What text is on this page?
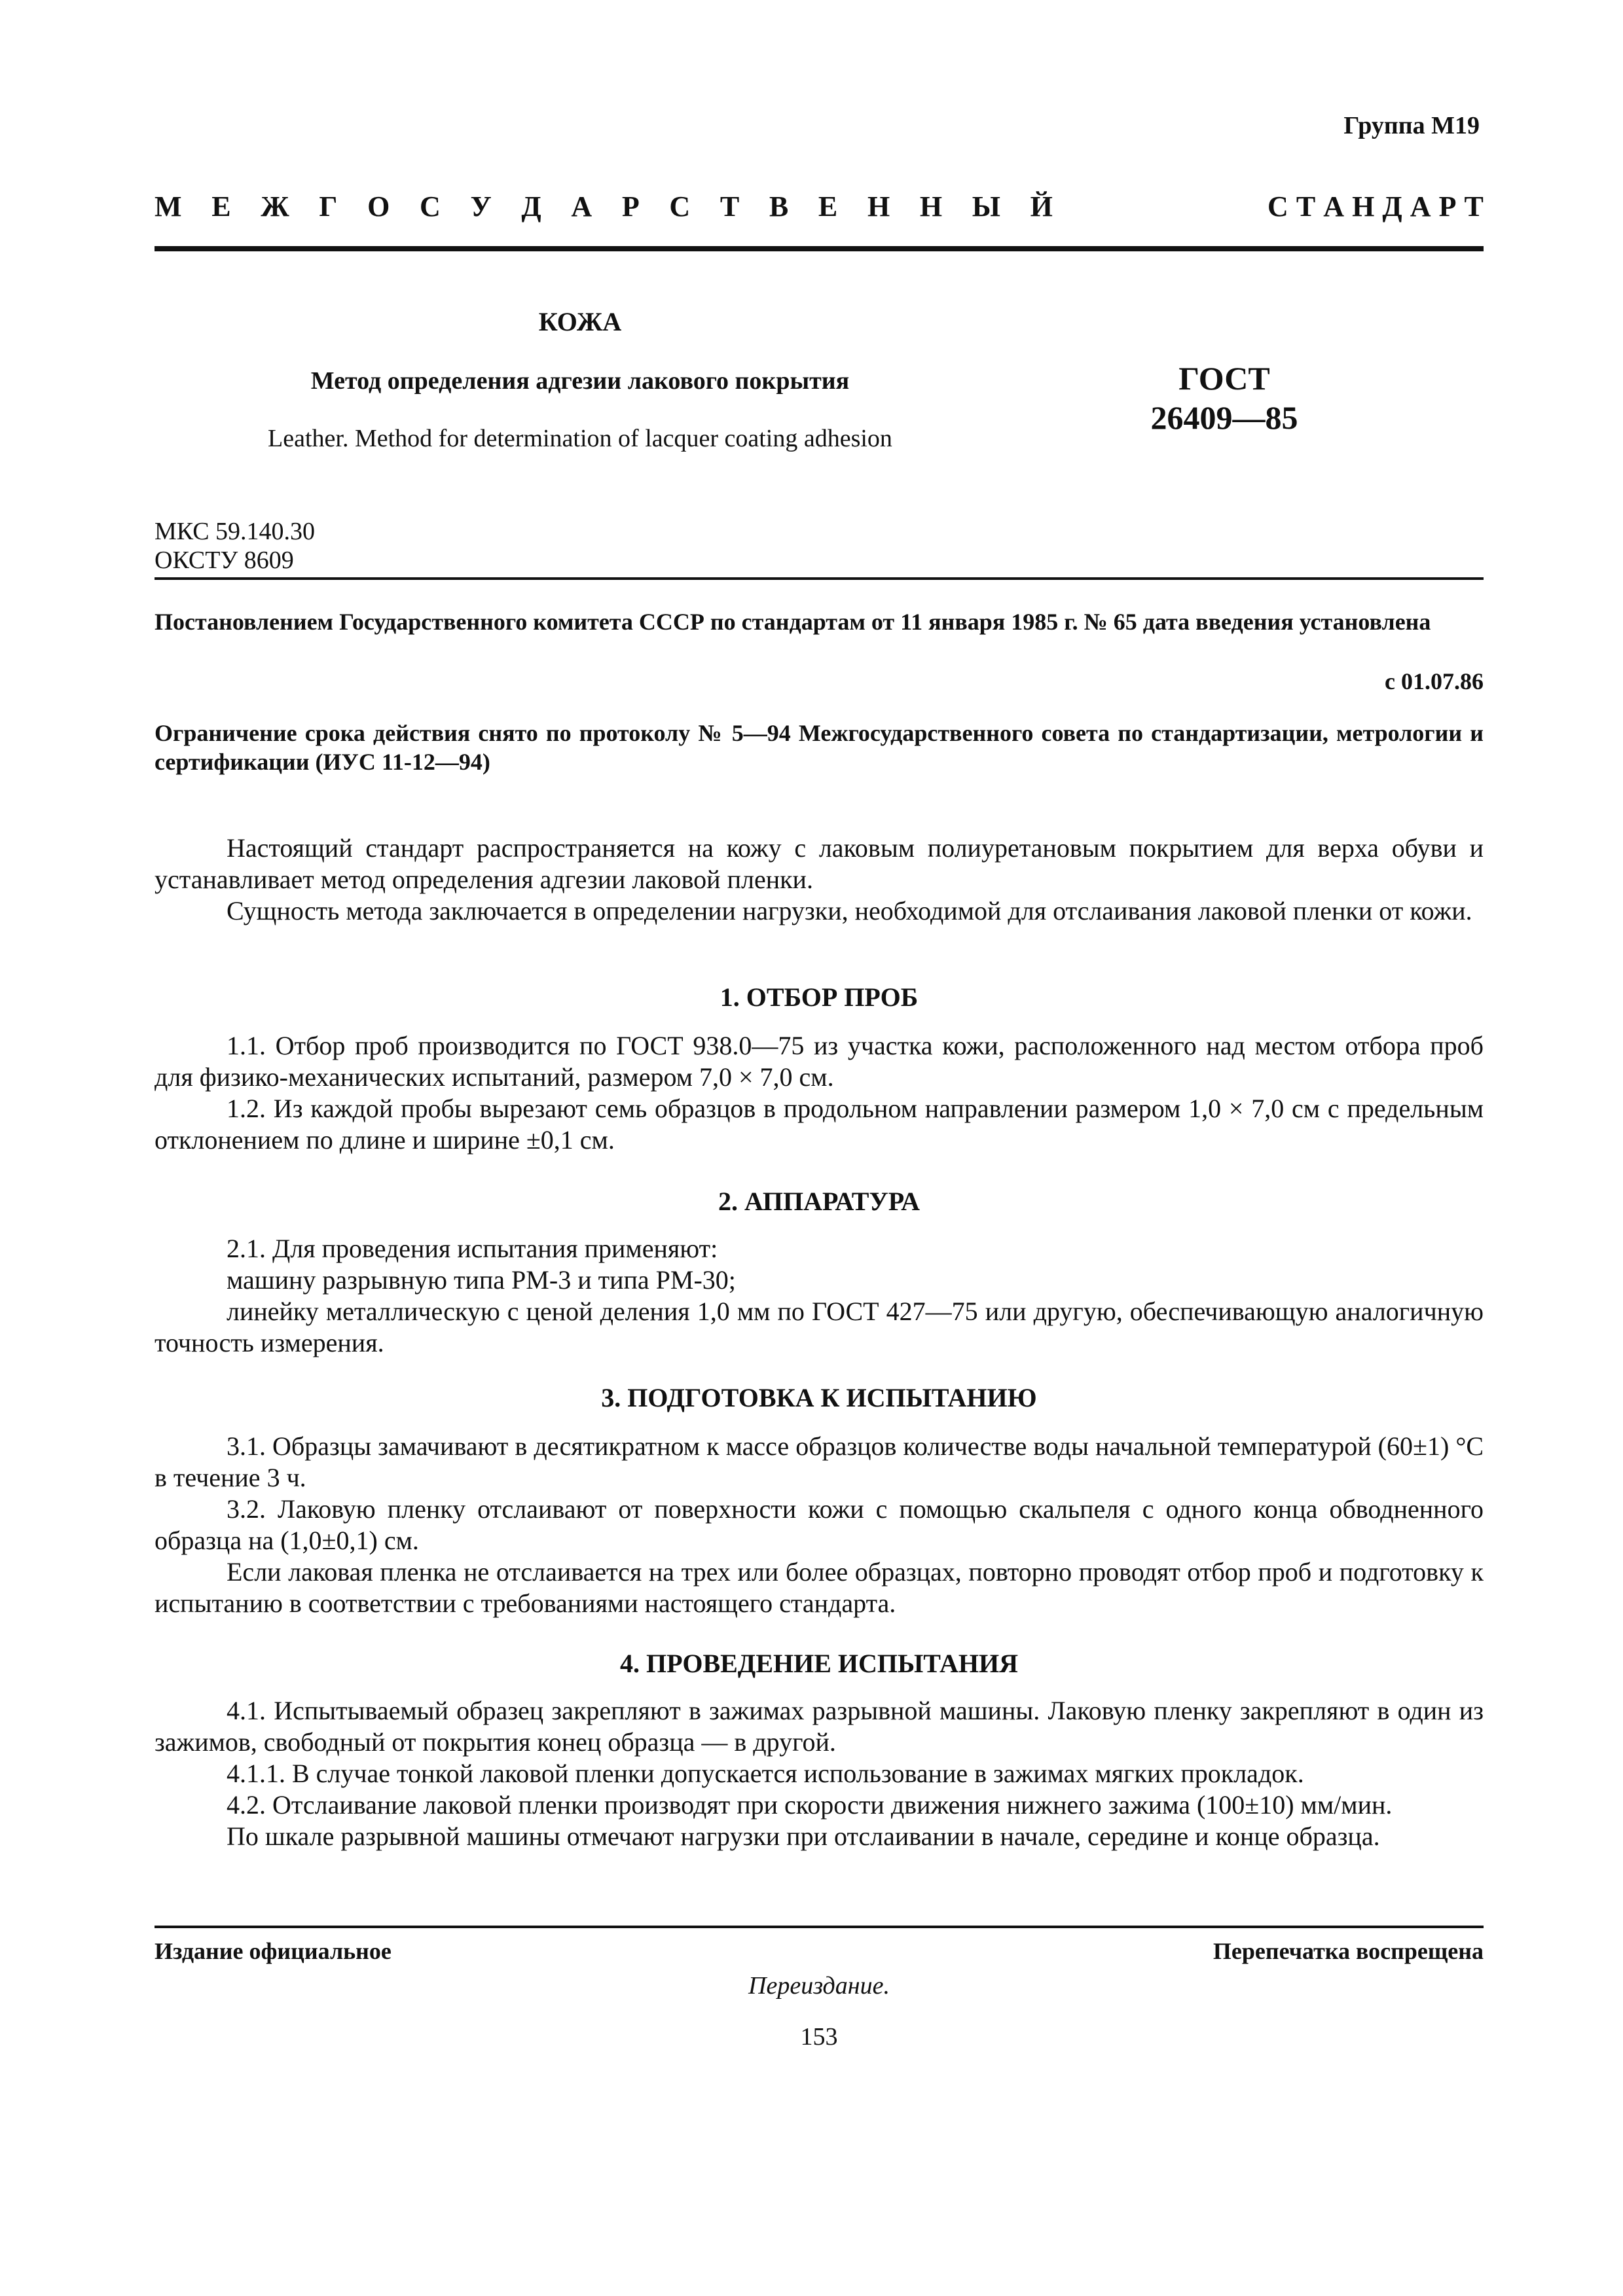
Группа М19
М Е Ж Г О С У Д А Р С Т В Е Н Н Ы Й	С Т А Н Д А Р Т
КОЖА
Метод определения адгезии лакового покрытия
Leather. Method for determination of lacquer coating adhesion
ГОСТ
26409—85
МКС 59.140.30
ОКСТУ 8609
Постановлением Государственного комитета СССР по стандартам от 11 января 1985 г. № 65 дата введения установлена
с 01.07.86
Ограничение срока действия снято по протоколу № 5—94 Межгосударственного совета по стандартизации, метрологии и сертификации (ИУС 11-12—94)

Настоящий стандарт распространяется на кожу с лаковым полиуретановым покрытием для верха обуви и устанавливает метод определения адгезии лаковой пленки.

Сущность метода заключается в определении нагрузки, необходимой для отслаивания лаковой пленки от кожи.

1. ОТБОР ПРОБ

1.1. Отбор проб производится по ГОСТ 938.0—75 из участка кожи, расположенного над местом отбора проб для физико-механических испытаний, размером 7,0 × 7,0 см.

1.2. Из каждой пробы вырезают семь образцов в продольном направлении размером 1,0 × 7,0 см с предельным отклонением по длине и ширине ±0,1 см.

2. АППАРАТУРА

2.1. Для проведения испытания применяют:

машину разрывную типа РМ-3 и типа РМ-30;

линейку металлическую с ценой деления 1,0 мм по ГОСТ 427—75 или другую, обеспечивающую аналогичную точность измерения.

3. ПОДГОТОВКА К ИСПЫТАНИЮ

3.1. Образцы замачивают в десятикратном к массе образцов количестве воды начальной температурой (60±1) °С в течение 3 ч.

3.2. Лаковую пленку отслаивают от поверхности кожи с помощью скальпеля с одного конца обводненного образца на (1,0±0,1) см.

Если лаковая пленка не отслаивается на трех или более образцах, повторно проводят отбор проб и подготовку к испытанию в соответствии с требованиями настоящего стандарта.

4. ПРОВЕДЕНИЕ ИСПЫТАНИЯ

4.1. Испытываемый образец закрепляют в зажимах разрывной машины. Лаковую пленку закрепляют в один из зажимов, свободный от покрытия конец образца — в другой.

4.1.1. В случае тонкой лаковой пленки допускается использование в зажимах мягких прокладок.

4.2. Отслаивание лаковой пленки производят при скорости движения нижнего зажима (100±10) мм/мин.

По шкале разрывной машины отмечают нагрузки при отслаивании в начале, середине и конце образца.

Издание официальное	Перепечатка воспрещена
Переиздание.
153
